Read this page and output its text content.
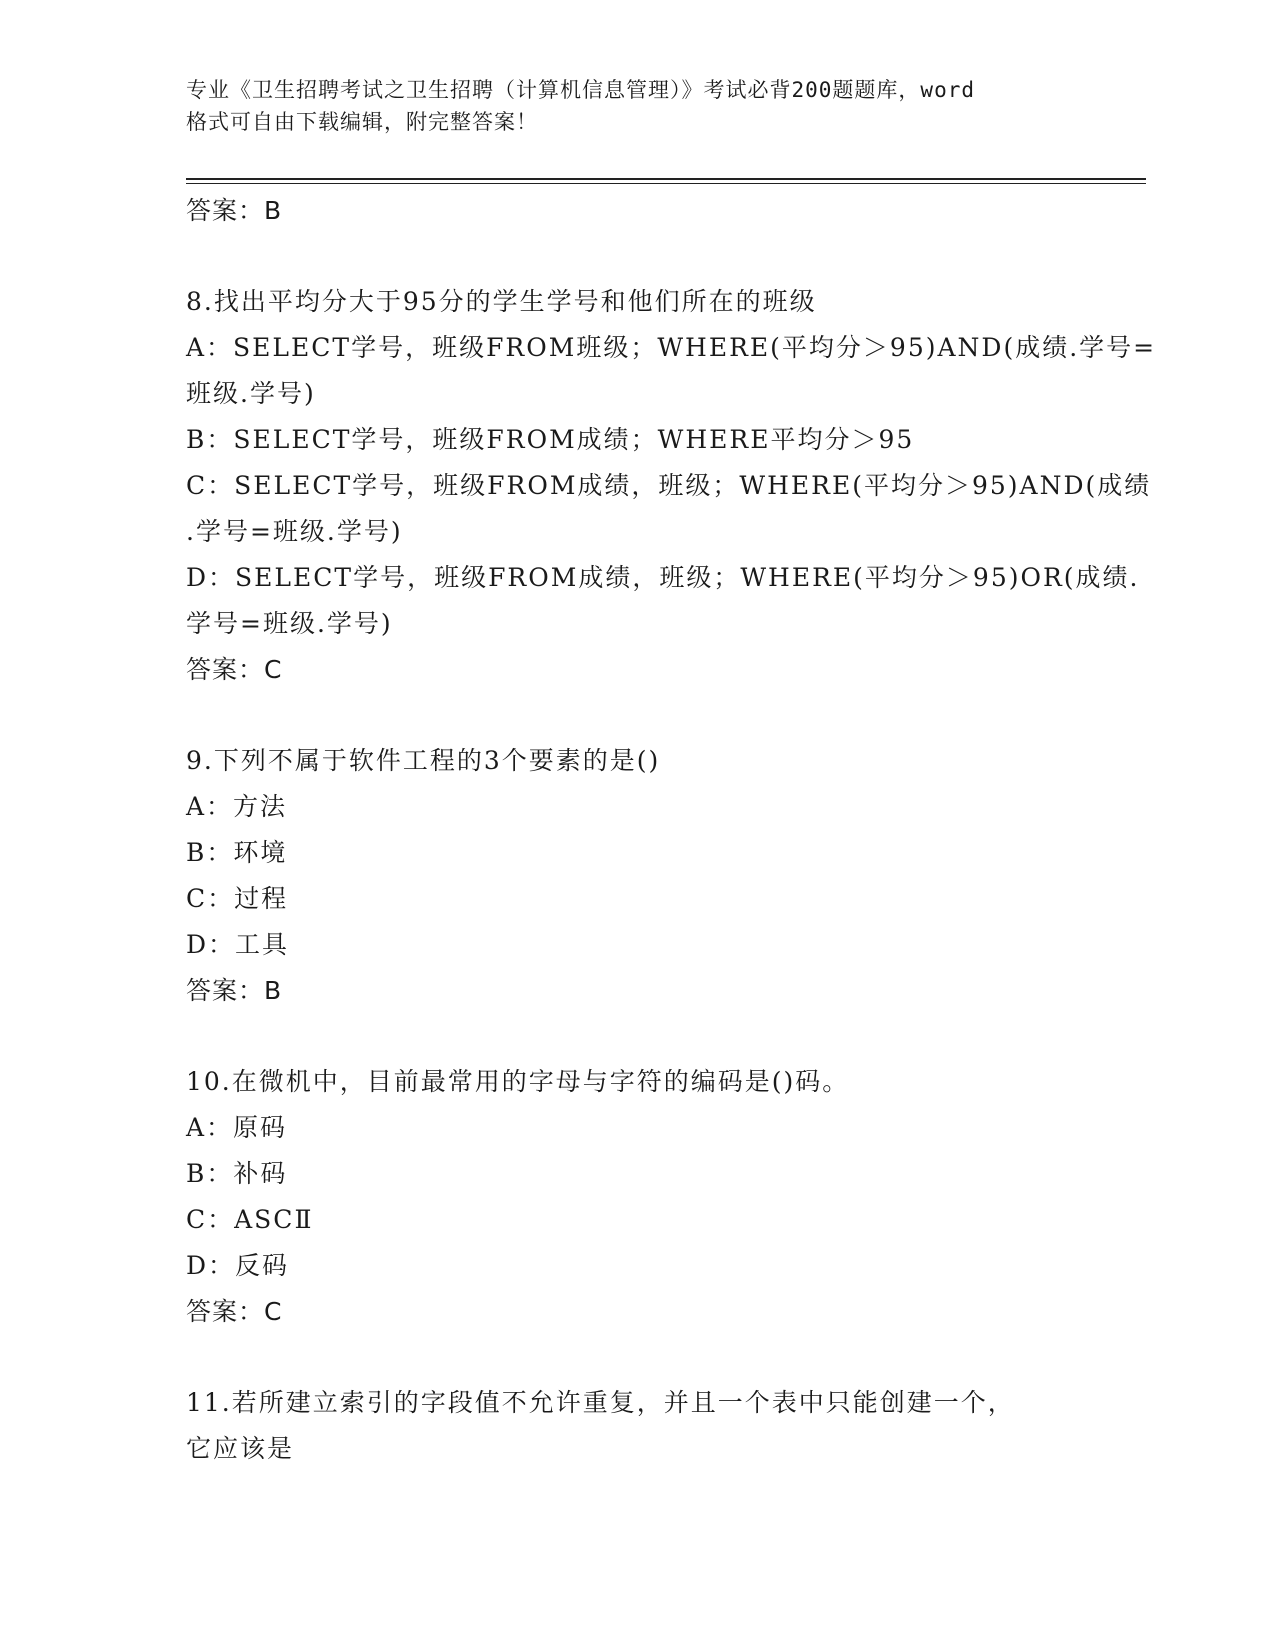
专业《卫生招聘考试之卫生招聘（计算机信息管理）》考试必背200题题库，word
格式可自由下载编辑，附完整答案！
答案：B
8.找出平均分大于95分的学生学号和他们所在的班级
A：SELECT学号，班级FROM班级；WHERE(平均分＞95)AND(成绩.学号=
班级.学号)
B：SELECT学号，班级FROM成绩；WHERE平均分＞95
C：SELECT学号，班级FROM成绩，班级；WHERE(平均分＞95)AND(成绩
.学号=班级.学号)
D：SELECT学号，班级FROM成绩，班级；WHERE(平均分＞95)OR(成绩.
学号=班级.学号)
答案：C
9.下列不属于软件工程的3个要素的是()
A：方法
B：环境
C：过程
D：工具
答案：B
10.在微机中，目前最常用的字母与字符的编码是()码。
A：原码
B：补码
C：ASCⅡ
D：反码
答案：C
11.若所建立索引的字段值不允许重复，并且一个表中只能创建一个，
它应该是
